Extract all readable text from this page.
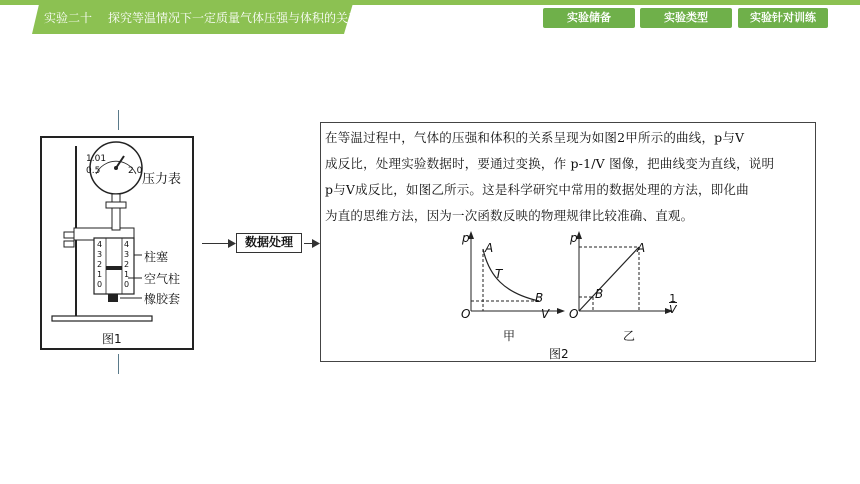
实验二十 探究等温情况下一定质量气体压强与体积的关系	实验储备	实验类型	实验针对训练
1.01
0.5	2.0
压力表
柱塞
空气柱
橡胶套
4
3
2
1
0
4
3
2
1
0
图1
数据处理
在等温过程中，气体的压强和体积的关系呈现为如图2甲所示的曲线，p与V
成反比，处理实验数据时，要通过变换，作 p-1/V 图像，把曲线变为直线，说明
p与V成反比，如图乙所示。这是科学研究中常用的数据处理的方法，即化曲
为直的思维方法，因为一次函数反映的物理规律比较准确、直观。
p
A
T
B
O	V
甲
p
A
B
O
1
V
乙
图2
